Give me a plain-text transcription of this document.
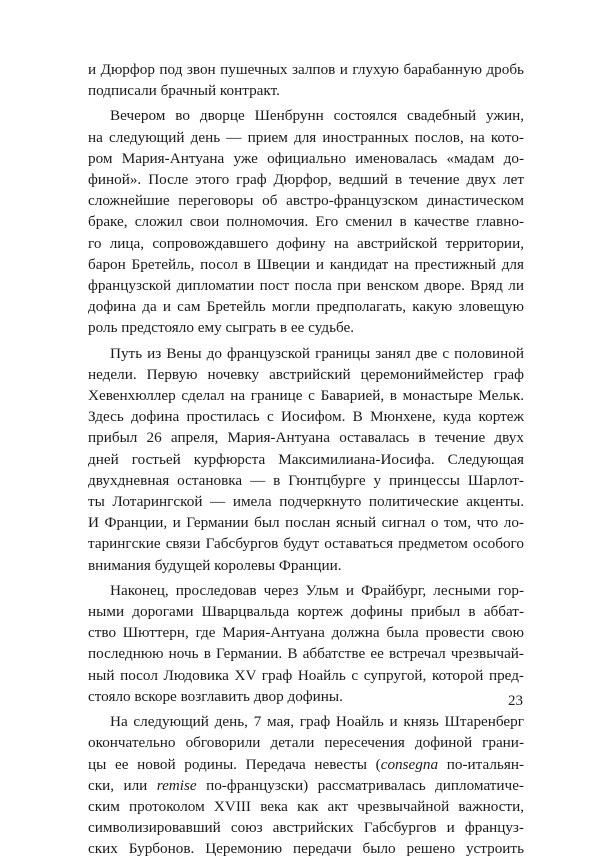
и Дюрфор под звон пушечных залпов и глухую барабанную дробь
подписали брачный контракт.

Вечером во дворце Шенбрунн состоялся свадебный ужин,
на следующий день — прием для иностранных послов, на кото-
ром Мария-Антуана уже официально именовалась «мадам до-
финой». После этого граф Дюрфор, ведший в течение двух лет
сложнейшие переговоры об австро-французском династическом
браке, сложил свои полномочия. Его сменил в качестве главно-
го лица, сопровождавшего дофину на австрийской территории,
барон Бретейль, посол в Швеции и кандидат на престижный для
французской дипломатии пост посла при венском дворе. Вряд ли
дофина да и сам Бретейль могли предполагать, какую зловещую
роль предстояло ему сыграть в ее судьбе.

Путь из Вены до французской границы занял две с половиной
недели. Первую ночевку австрийский церемониймейстер граф
Хевенхюллер сделал на границе с Баварией, в монастыре Мельк.
Здесь дофина простилась с Иосифом. В Мюнхене, куда кортеж
прибыл 26 апреля, Мария-Антуана оставалась в течение двух
дней гостьей курфюрста Максимилиана-Иосифа. Следующая
двухдневная остановка — в Гюнтцбурге у принцессы Шарлот-
ты Лотарингской — имела подчеркнуто политические акценты.
И Франции, и Германии был послан ясный сигнал о том, что ло-
тарингские связи Габсбургов будут оставаться предметом особого
внимания будущей королевы Франции.

Наконец, проследовав через Ульм и Фрайбург, лесными гор-
ными дорогами Шварцвальда кортеж дофины прибыл в аббат-
ство Шюттерн, где Мария-Антуана должна была провести свою
последнюю ночь в Германии. В аббатстве ее встречал чрезвычай-
ный посол Людовика XV граф Ноайль с супругой, которой пред-
стояло вскоре возглавить двор дофины.

На следующий день, 7 мая, граф Ноайль и князь Штаренберг
окончательно обговорили детали пересечения дофиной грани-
цы ее новой родины. Передача невесты (consegna по-итальян-
ски, или remise по-французски) рассматривалась дипломатиче-
ским протоколом XVIII века как акт чрезвычайной важности,
символизировавший союз австрийских Габсбургов и француз-
ских Бурбонов. Церемонию передачи было решено устроить

23
